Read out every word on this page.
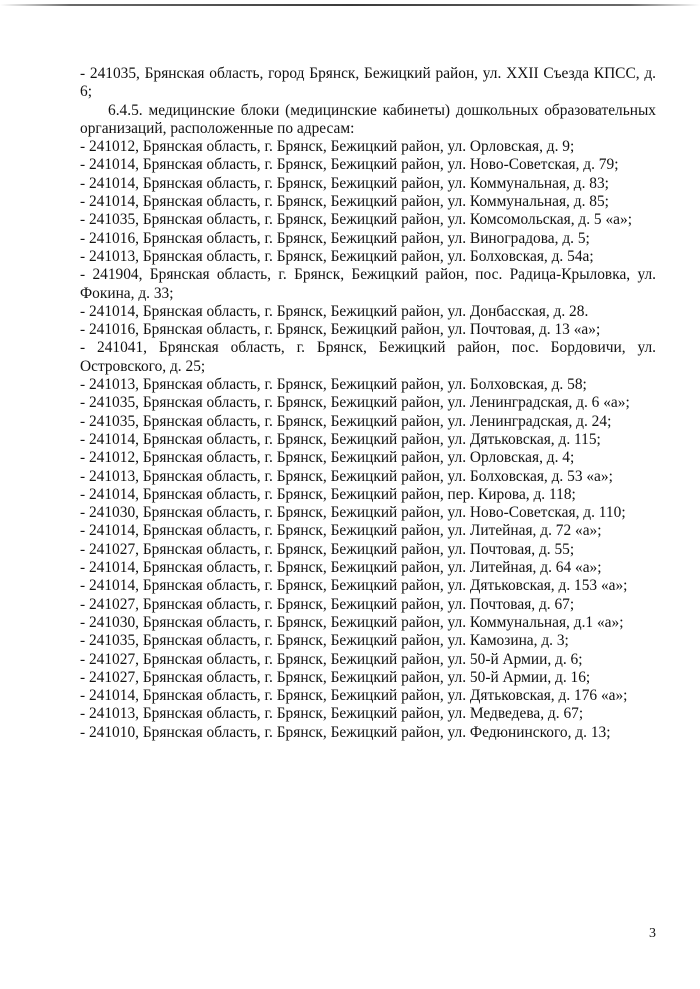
- 241035, Брянская область, город Брянск, Бежицкий район, ул. XXII Съезда КПСС, д. 6;

6.4.5. медицинские блоки (медицинские кабинеты) дошкольных образовательных организаций, расположенные по адресам:

- 241012, Брянская область, г. Брянск, Бежицкий район, ул. Орловская, д. 9;

- 241014, Брянская область, г. Брянск, Бежицкий район, ул. Ново-Советская, д. 79;

- 241014, Брянская область, г. Брянск, Бежицкий район, ул. Коммунальная, д. 83;

- 241014, Брянская область, г. Брянск, Бежицкий район, ул. Коммунальная, д. 85;

- 241035, Брянская область, г. Брянск, Бежицкий район, ул. Комсомольская, д. 5 «а»;

- 241016, Брянская область, г. Брянск, Бежицкий район, ул. Виноградова, д. 5;

- 241013, Брянская область, г. Брянск, Бежицкий район, ул. Болховская, д. 54а;

- 241904, Брянская область, г. Брянск, Бежицкий район, пос. Радица-Крыловка, ул. Фокина, д. 33;

- 241014, Брянская область, г. Брянск, Бежицкий район, ул. Донбасская, д. 28.

- 241016, Брянская область, г. Брянск, Бежицкий район, ул. Почтовая, д. 13 «а»;

- 241041, Брянская область, г. Брянск, Бежицкий район, пос. Бордовичи, ул. Островского, д. 25;

- 241013, Брянская область, г. Брянск, Бежицкий район, ул. Болховская, д. 58;

- 241035, Брянская область, г. Брянск, Бежицкий район, ул. Ленинградская, д. 6 «а»;

- 241035, Брянская область, г. Брянск, Бежицкий район, ул. Ленинградская, д. 24;

- 241014, Брянская область, г. Брянск, Бежицкий район, ул. Дятьковская, д. 115;

- 241012, Брянская область, г. Брянск, Бежицкий район, ул. Орловская, д. 4;

- 241013, Брянская область, г. Брянск, Бежицкий район, ул. Болховская, д. 53 «а»;

- 241014, Брянская область, г. Брянск, Бежицкий район, пер. Кирова, д. 118;

- 241030, Брянская область, г. Брянск, Бежицкий район, ул. Ново-Советская, д. 110;

- 241014, Брянская область, г. Брянск, Бежицкий район, ул. Литейная, д. 72 «а»;

- 241027, Брянская область, г. Брянск, Бежицкий район, ул. Почтовая, д. 55;

- 241014, Брянская область, г. Брянск, Бежицкий район, ул. Литейная, д. 64 «а»;

- 241014, Брянская область, г. Брянск, Бежицкий район, ул. Дятьковская, д. 153 «а»;

- 241027, Брянская область, г. Брянск, Бежицкий район, ул. Почтовая, д. 67;

- 241030, Брянская область, г. Брянск, Бежицкий район, ул. Коммунальная, д.1 «а»;

- 241035, Брянская область, г. Брянск, Бежицкий район, ул. Камозина, д. 3;

- 241027, Брянская область, г. Брянск, Бежицкий район, ул. 50-й Армии, д. 6;

- 241027, Брянская область, г. Брянск, Бежицкий район, ул. 50-й Армии, д. 16;

- 241014, Брянская область, г. Брянск, Бежицкий район, ул. Дятьковская, д. 176 «а»;

- 241013, Брянская область, г. Брянск, Бежицкий район, ул. Медведева, д. 67;

- 241010, Брянская область, г. Брянск, Бежицкий район, ул. Федюнинского, д. 13;

3
